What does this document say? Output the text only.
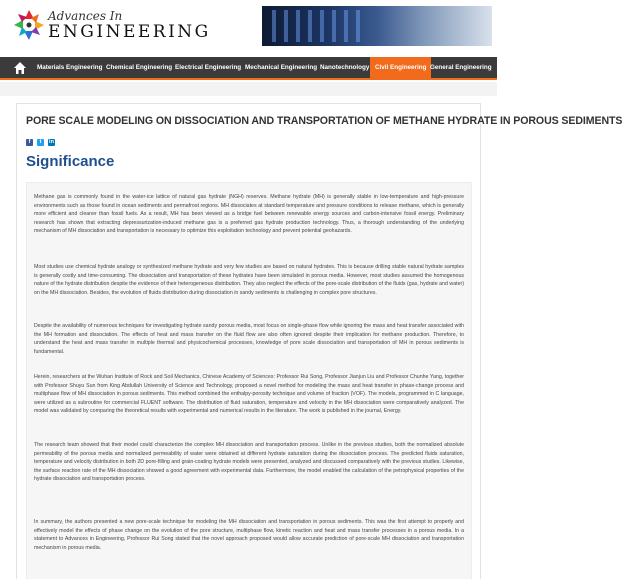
Advances In
ENGINEERING
Materials Engineering Chemical Engineering Electrical Engineering Mechanical Engineering Nanotechnology Civil Engineering General Engineering
PORE SCALE MODELING ON DISSOCIATION AND TRANSPORTATION OF METHANE HYDRATE IN POROUS SEDIMENTS
f	t	in
Significance

Methane gas is commonly found in the water-ice lattice of natural gas hydrate (NGH) reserves. Methane hydrate (MH) is generally stable in low-temperature and high-pressure environments such as those found in ocean sediments and permafrost regions. MH dissociates at standard temperature and pressure conditions to release methane, which is generally more efficient and cleaner than fossil fuels. As a result, MH has been viewed as a bridge fuel between renewable energy sources and carbon-intensive fossil energy. Preliminary research has shown that extracting depressurization-induced methane gas is a preferred gas hydrate production technology. Thus, a thorough understanding of the underlying mechanism of MH dissociation and transportation is necessary to optimize this exploitation technology and prevent potential geohazards.

Most studies use chemical hydrate analogy or synthesized methane hydrate and very few studies are based on natural hydrates. This is because drilling stable natural hydrate samples is generally costly and time-consuming. The dissociation and transportation of these hydrates have been simulated in porous media. However, most studies assumed the homogenous nature of the hydrate distribution despite the evidence of their heterogeneous distribution. They also neglect the effects of the pore-scale distribution of the fluids (gas, hydrate and water) on the MH dissociation. Besides, the evolution of fluids distribution during dissociation in sandy sediments is challenging in complex pore structures.

Despite the availability of numerous techniques for investigating hydrate sandy porous media, most focus on single-phase flow while ignoring the mass and heat transfer associated with the MH formation and dissociation. The effects of heat and mass transfer on the fluid flow are also often ignored despite their implication for methane production. Therefore, to understand the heat and mass transfer in multiple thermal and physicochemical processes, knowledge of pore scale dissociation and transportation of MH in porous sediments is fundamental.

Herein, researchers at the Wuhan Institute of Rock and Soil Mechanics, Chinese Academy of Sciences: Professor Rui Song, Professor Jianjun Liu and Professor Chunhe Yang, together with Professor Shuyu Sun from King Abdullah University of Science and Technology, proposed a novel method for modeling the mass and heat transfer in phase-change process and multiphase flow of MH dissociation in porous sediments. This method combined the enthalpy-porosity technique and volume of fraction (VOF). The models, programmed in C language, were utilized as a subroutine for commercial FLUENT software. The distribution of fluid saturation, temperature and velocity in the MH dissociation were comparatively analyzed. The model was validated by comparing the theoretical results with experimental and numerical results in the literature. The work is published in the journal, Energy.

The research team showed that their model could characterize the complex MH dissociation and transportation process. Unlike in the previous studies, both the normalized absolute permeability of the porous media and normalized permeability of water were obtained at different hydrate saturation during the dissociation process. The predicted fluids saturation, temperature and velocity distribution in both 2D pore-filling and grain-coating hydrate models were presented, analyzed and discussed comparatively with the previous studies. Likewise, the surface reaction rate of the MH dissociation showed a good agreement with experimental data. Furthermore, the model enabled the calculation of the petrophysical properties of the hydrate dissociation and transportation process.

In summary, the authors presented a new pore-scale technique for modeling the MH dissociation and transportation in porous sediments. This was the first attempt to properly and effectively model the effects of phase change on the evolution of the pore structure, multiphase flow, kinetic reaction and heat and mass transfer processes in a porous media. In a statement to Advances in Engineering, Professor Rui Song stated that the novel approach proposed would allow accurate prediction of pore-scale MH dissociation and transportation mechanism in porous media.
